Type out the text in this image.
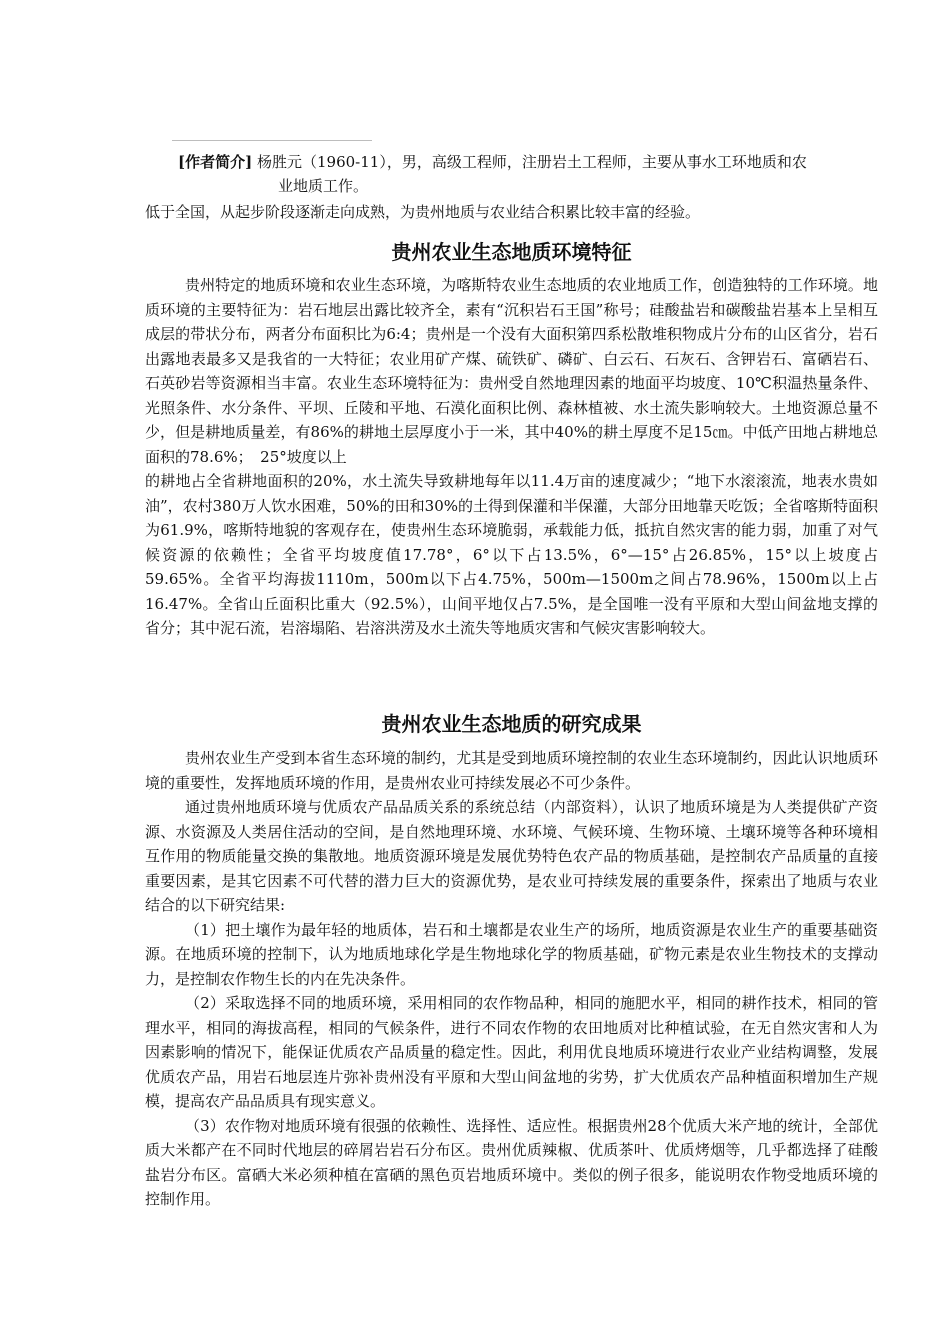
[作者简介] 杨胜元（1960-11），男，高级工程师，注册岩土工程师，主要从事水工环地质和农
业地质工作。

低于全国，从起步阶段逐渐走向成熟，为贵州地质与农业结合积累比较丰富的经验。

贵州农业生态地质环境特征

贵州特定的地质环境和农业生态环境，为喀斯特农业生态地质的农业地质工作，创造独特的工作环境。地质环境的主要特征为：岩石地层出露比较齐全，素有“沉积岩石王国”称号；硅酸盐岩和碳酸盐岩基本上呈相互成层的带状分布，两者分布面积比为6:4；贵州是一个没有大面积第四系松散堆积物成片分布的山区省分，岩石出露地表最多又是我省的一大特征；农业用矿产煤、硫铁矿、磷矿、白云石、石灰石、含钾岩石、富硒岩石、石英砂岩等资源相当丰富。农业生态环境特征为：贵州受自然地理因素的地面平均坡度、10℃积温热量条件、光照条件、水分条件、平坝、丘陵和平地、石漠化面积比例、森林植被、水土流失影响较大。土地资源总量不少，但是耕地质量差，有86%的耕地土层厚度小于一米，其中40%的耕土厚度不足15㎝。中低产田地占耕地总面积的78.6%；　25°坡度以上

的耕地占全省耕地面积的20%，水土流失导致耕地每年以11.4万亩的速度减少；“地下水滚滚流，地表水贵如油”，农村380万人饮水困难，50%的田和30%的土得到保灌和半保灌，大部分田地靠天吃饭；全省喀斯特面积为61.9%，喀斯特地貌的客观存在，使贵州生态环境脆弱，承载能力低，抵抗自然灾害的能力弱，加重了对气候资源的依赖性；全省平均坡度值17.78°，6°以下占13.5%，6°—15°占26.85%，15°以上坡度占59.65%。全省平均海拔1110m，500m以下占4.75%，500m—1500m之间占78.96%，1500m以上占16.47%。全省山丘面积比重大（92.5%），山间平地仅占7.5%，是全国唯一没有平原和大型山间盆地支撑的省分；其中泥石流，岩溶塌陷、岩溶洪涝及水土流失等地质灾害和气候灾害影响较大。

贵州农业生态地质的研究成果

贵州农业生产受到本省生态环境的制约，尤其是受到地质环境控制的农业生态环境制约，因此认识地质环境的重要性，发挥地质环境的作用，是贵州农业可持续发展必不可少条件。

通过贵州地质环境与优质农产品品质关系的系统总结（内部资料），认识了地质环境是为人类提供矿产资源、水资源及人类居住活动的空间，是自然地理环境、水环境、气候环境、生物环境、土壤环境等各种环境相互作用的物质能量交换的集散地。地质资源环境是发展优势特色农产品的物质基础，是控制农产品质量的直接重要因素，是其它因素不可代替的潜力巨大的资源优势，是农业可持续发展的重要条件，探索出了地质与农业结合的以下研究结果:

（1）把土壤作为最年轻的地质体，岩石和土壤都是农业生产的场所，地质资源是农业生产的重要基础资源。在地质环境的控制下，认为地质地球化学是生物地球化学的物质基础，矿物元素是农业生物技术的支撑动力，是控制农作物生长的内在先决条件。

（2）采取选择不同的地质环境，采用相同的农作物品种，相同的施肥水平，相同的耕作技术，相同的管理水平，相同的海拔高程，相同的气候条件，进行不同农作物的农田地质对比种植试验，在无自然灾害和人为因素影响的情况下，能保证优质农产品质量的稳定性。因此，利用优良地质环境进行农业产业结构调整，发展优质农产品，用岩石地层连片弥补贵州没有平原和大型山间盆地的劣势，扩大优质农产品种植面积增加生产规模，提高农产品品质具有现实意义。

（3）农作物对地质环境有很强的依赖性、选择性、适应性。根据贵州28个优质大米产地的统计，全部优质大米都产在不同时代地层的碎屑岩岩石分布区。贵州优质辣椒、优质茶叶、优质烤烟等，几乎都选择了硅酸盐岩分布区。富硒大米必须种植在富硒的黑色页岩地质环境中。类似的例子很多，能说明农作物受地质环境的控制作用。
